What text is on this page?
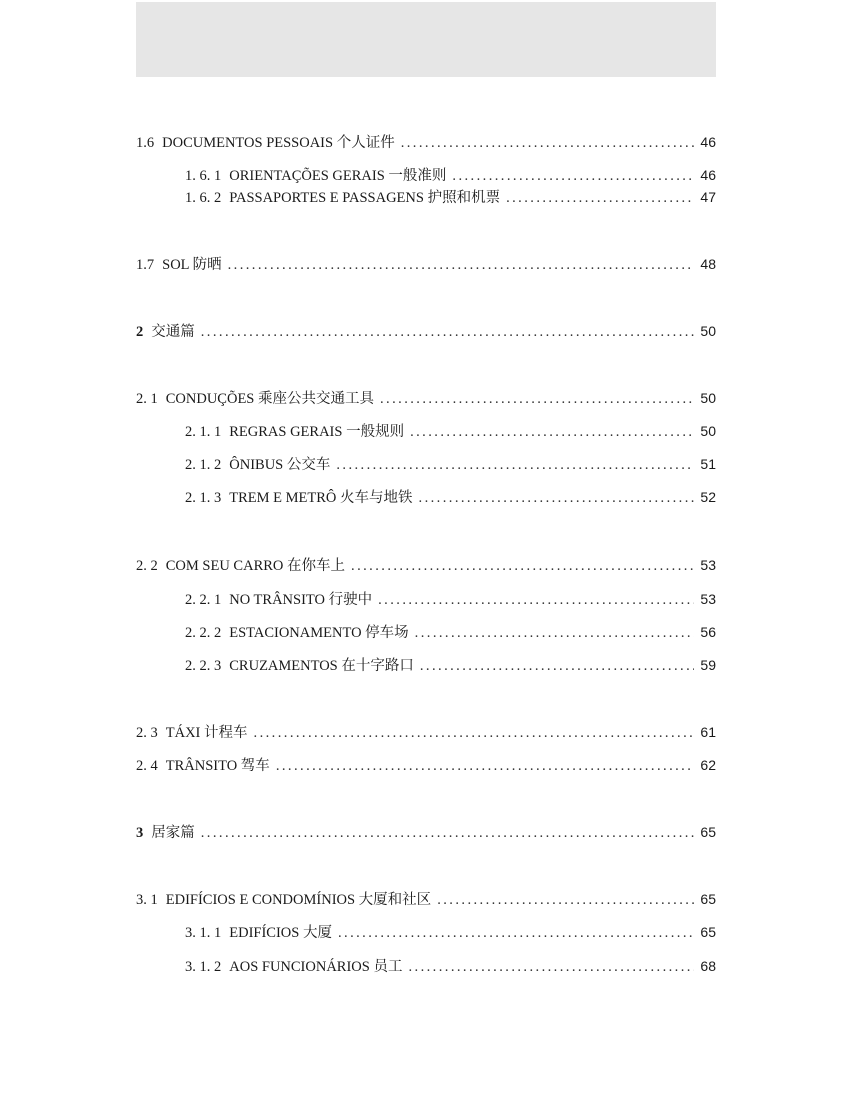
1.6 DOCUMENTOS PESSOAIS 个人证件 . . .	46
1. 6. 1 ORIENTAÇÕES GERAIS 一般准则 . . .	46
1. 6. 2 PASSAPORTES E PASSAGENS 护照和机票 . . .	47
1.7 SOL 防晒 . . .	48
2 交通篇 . . .	50
2. 1 CONDUÇÕES 乘座公共交通工具 . . .	50
2. 1. 1 REGRAS GERAIS 一般规则 . . .	50
2. 1. 2 ÔNIBUS 公交车 . . .	51
2. 1. 3 TREM E METRÔ 火车与地铁 . . .	52
2. 2 COM SEU CARRO 在你车上 . . .	53
2. 2. 1 NO TRÂNSITO 行驶中 . . .	53
2. 2. 2 ESTACIONAMENTO 停车场 . . .	56
2. 2. 3 CRUZAMENTOS 在十字路口 . . .	59
2. 3 TÁXI 计程车 . . .	61
2. 4 TRÂNSITO 驾车 . . .	62
3 居家篇 . . .	65
3. 1 EDIFÍCIOS E CONDOMÍNIOS 大厦和社区 . . .	65
3. 1. 1 EDIFÍCIOS 大厦 . . .	65
3. 1. 2 AOS FUNCIONÁRIOS 员工 . . .	68
